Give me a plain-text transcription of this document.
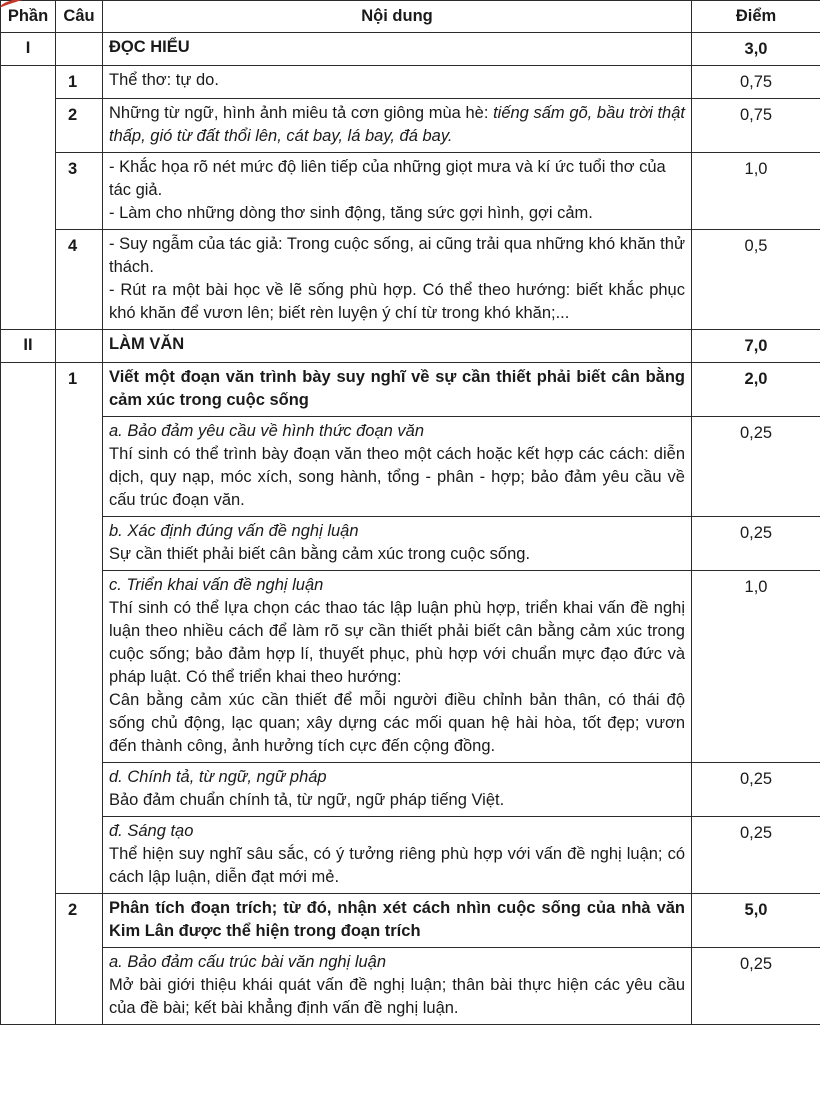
Phần	Câu	Nội dung	Điểm
I		ĐỌC HIỂU	3,0
	1	Thể thơ: tự do.	0,75
	2	Những từ ngữ, hình ảnh miêu tả cơn giông mùa hè: tiếng sấm gõ, bầu trời thật thấp, gió từ đất thổi lên, cát bay, lá bay, đá bay.	0,75
	3	- Khắc họa rõ nét mức độ liên tiếp của những giọt mưa và kí ức tuổi thơ của tác giả.

- Làm cho những dòng thơ sinh động, tăng sức gợi hình, gợi cảm.	1,0
	4	- Suy ngẫm của tác giả: Trong cuộc sống, ai cũng trải qua những khó khăn thử thách.

- Rút ra một bài học về lẽ sống phù hợp. Có thể theo hướng: biết khắc phục khó khăn để vươn lên; biết rèn luyện ý chí từ trong khó khăn;...	0,5
II		LÀM VĂN	7,0
	1	Viết một đoạn văn trình bày suy nghĩ về sự cần thiết phải biết cân bằng cảm xúc trong cuộc sống	2,0

		a. Bảo đảm yêu cầu về hình thức đoạn văn

Thí sinh có thể trình bày đoạn văn theo một cách hoặc kết hợp các cách: diễn dịch, quy nạp, móc xích, song hành, tổng - phân - hợp; bảo đảm yêu cầu về cấu trúc đoạn văn.	0,25

		b. Xác định đúng vấn đề nghị luận

Sự cần thiết phải biết cân bằng cảm xúc trong cuộc sống.	0,25

		c. Triển khai vấn đề nghị luận

Thí sinh có thể lựa chọn các thao tác lập luận phù hợp, triển khai vấn đề nghị luận theo nhiều cách để làm rõ sự cần thiết phải biết cân bằng cảm xúc trong cuộc sống; bảo đảm hợp lí, thuyết phục, phù hợp với chuẩn mực đạo đức và pháp luật. Có thể triển khai theo hướng:

Cân bằng cảm xúc cần thiết để mỗi người điều chỉnh bản thân, có thái độ sống chủ động, lạc quan; xây dựng các mối quan hệ hài hòa, tốt đẹp; vươn đến thành công, ảnh hưởng tích cực đến cộng đồng.	1,0

		d. Chính tả, từ ngữ, ngữ pháp

Bảo đảm chuẩn chính tả, từ ngữ, ngữ pháp tiếng Việt.	0,25

		đ. Sáng tạo

Thể hiện suy nghĩ sâu sắc, có ý tưởng riêng phù hợp với vấn đề nghị luận; có cách lập luận, diễn đạt mới mẻ.	0,25
	2	Phân tích đoạn trích; từ đó, nhận xét cách nhìn cuộc sống của nhà văn Kim Lân được thể hiện trong đoạn trích	5,0

		a. Bảo đảm cấu trúc bài văn nghị luận

Mở bài giới thiệu khái quát vấn đề nghị luận; thân bài thực hiện các yêu cầu của đề bài; kết bài khẳng định vấn đề nghị luận.	0,25
